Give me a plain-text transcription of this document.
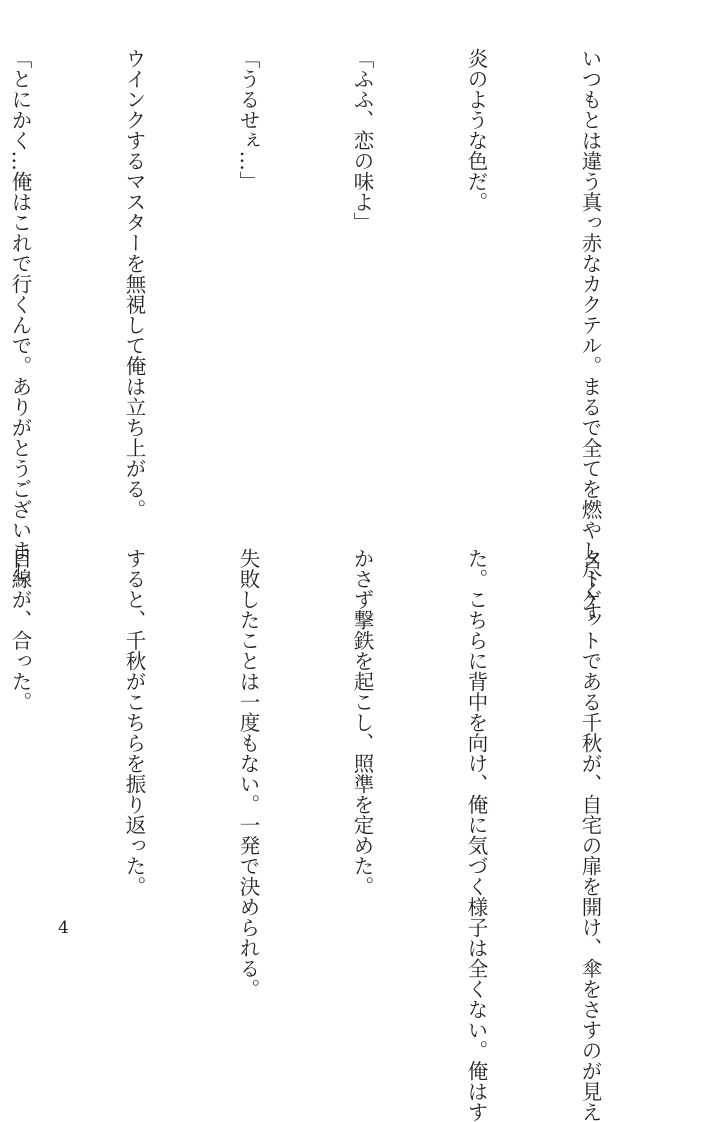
いつもとは違う真っ赤なカクテル。まるで全てを燃やし尽くす

炎のような色だ。

「ふふ、恋の味よ」

「うるせぇ…」

ウインクするマスターを無視して俺は立ち上がる。

「とにかく…俺はこれで行くんで。ありがとうございまし

ターゲットである千秋が、自宅の扉を開け、傘をさすのが見え

た。こちらに背中を向け、俺に気づく様子は全くない。俺はす

かさず撃鉄を起こし、照準を定めた。

失敗したことは一度もない。一発で決められる。

すると、千秋がこちらを振り返った。

目線が、合った。

4
